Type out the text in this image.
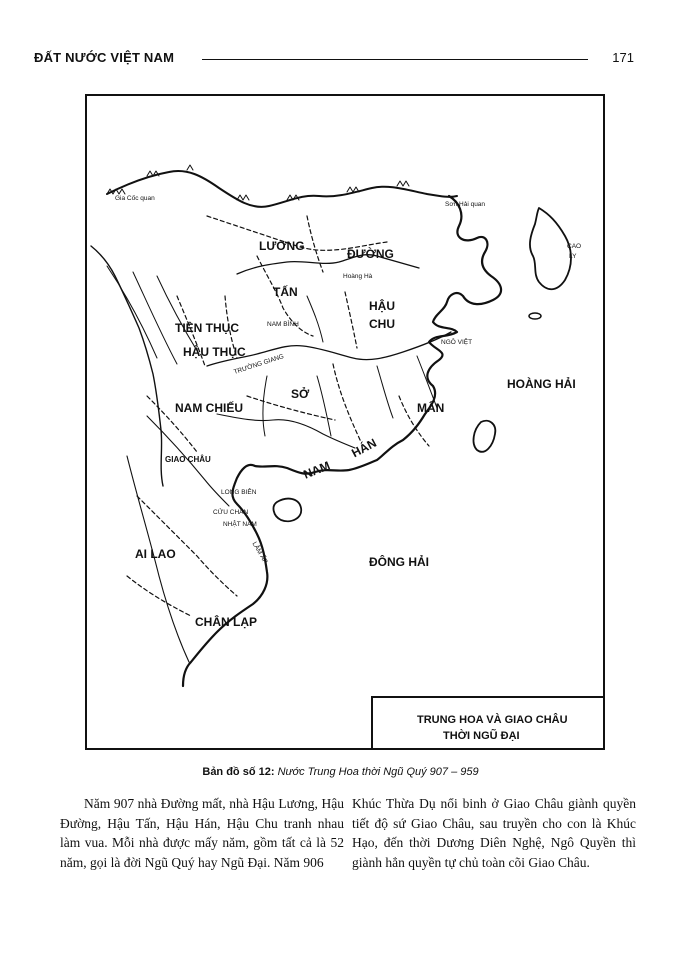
ĐẤT NƯỚC VIỆT NAM	171
LƯƠNG
ĐƯỜNG
TẤN
HẬU
CHU
TIỀN THỤC
HẬU THỤC
SỞ
NAM CHIẾU	MÂN
HÁN
NAM
AI LAO
CHÂN LẠP
HOÀNG HẢI
ĐÔNG HẢI
Gia Cốc quan
Sơn Hải quan
CAO
LY
Hoàng Hà
NAM BÌNH
NGÔ VIỆT
TRƯỜNG GIANG
GIAO CHÂU
LONG BIÊN
CỬU CHÂN
NHẬT NAM
LÂM ẤP
TRUNG HOA VÀ GIAO CHÂU
THỜI NGŨ ĐẠI
Bản đồ số 12: Nước Trung Hoa thời Ngũ Quý 907 – 959

Năm 907 nhà Đường mất, nhà Hậu Lương, Hậu Đường, Hậu Tấn, Hậu Hán, Hậu Chu tranh nhau làm vua. Mỗi nhà được mấy năm, gồm tất cả là 52 năm, gọi là đời Ngũ Quý hay Ngũ Đại. Năm 906

Khúc Thừa Dụ nổi binh ở Giao Châu giành quyền tiết độ sứ Giao Châu, sau truyền cho con là Khúc Hạo, đến thời Dương Diên Nghệ, Ngô Quyền thì giành hẳn quyền tự chủ toàn cõi Giao Châu.
